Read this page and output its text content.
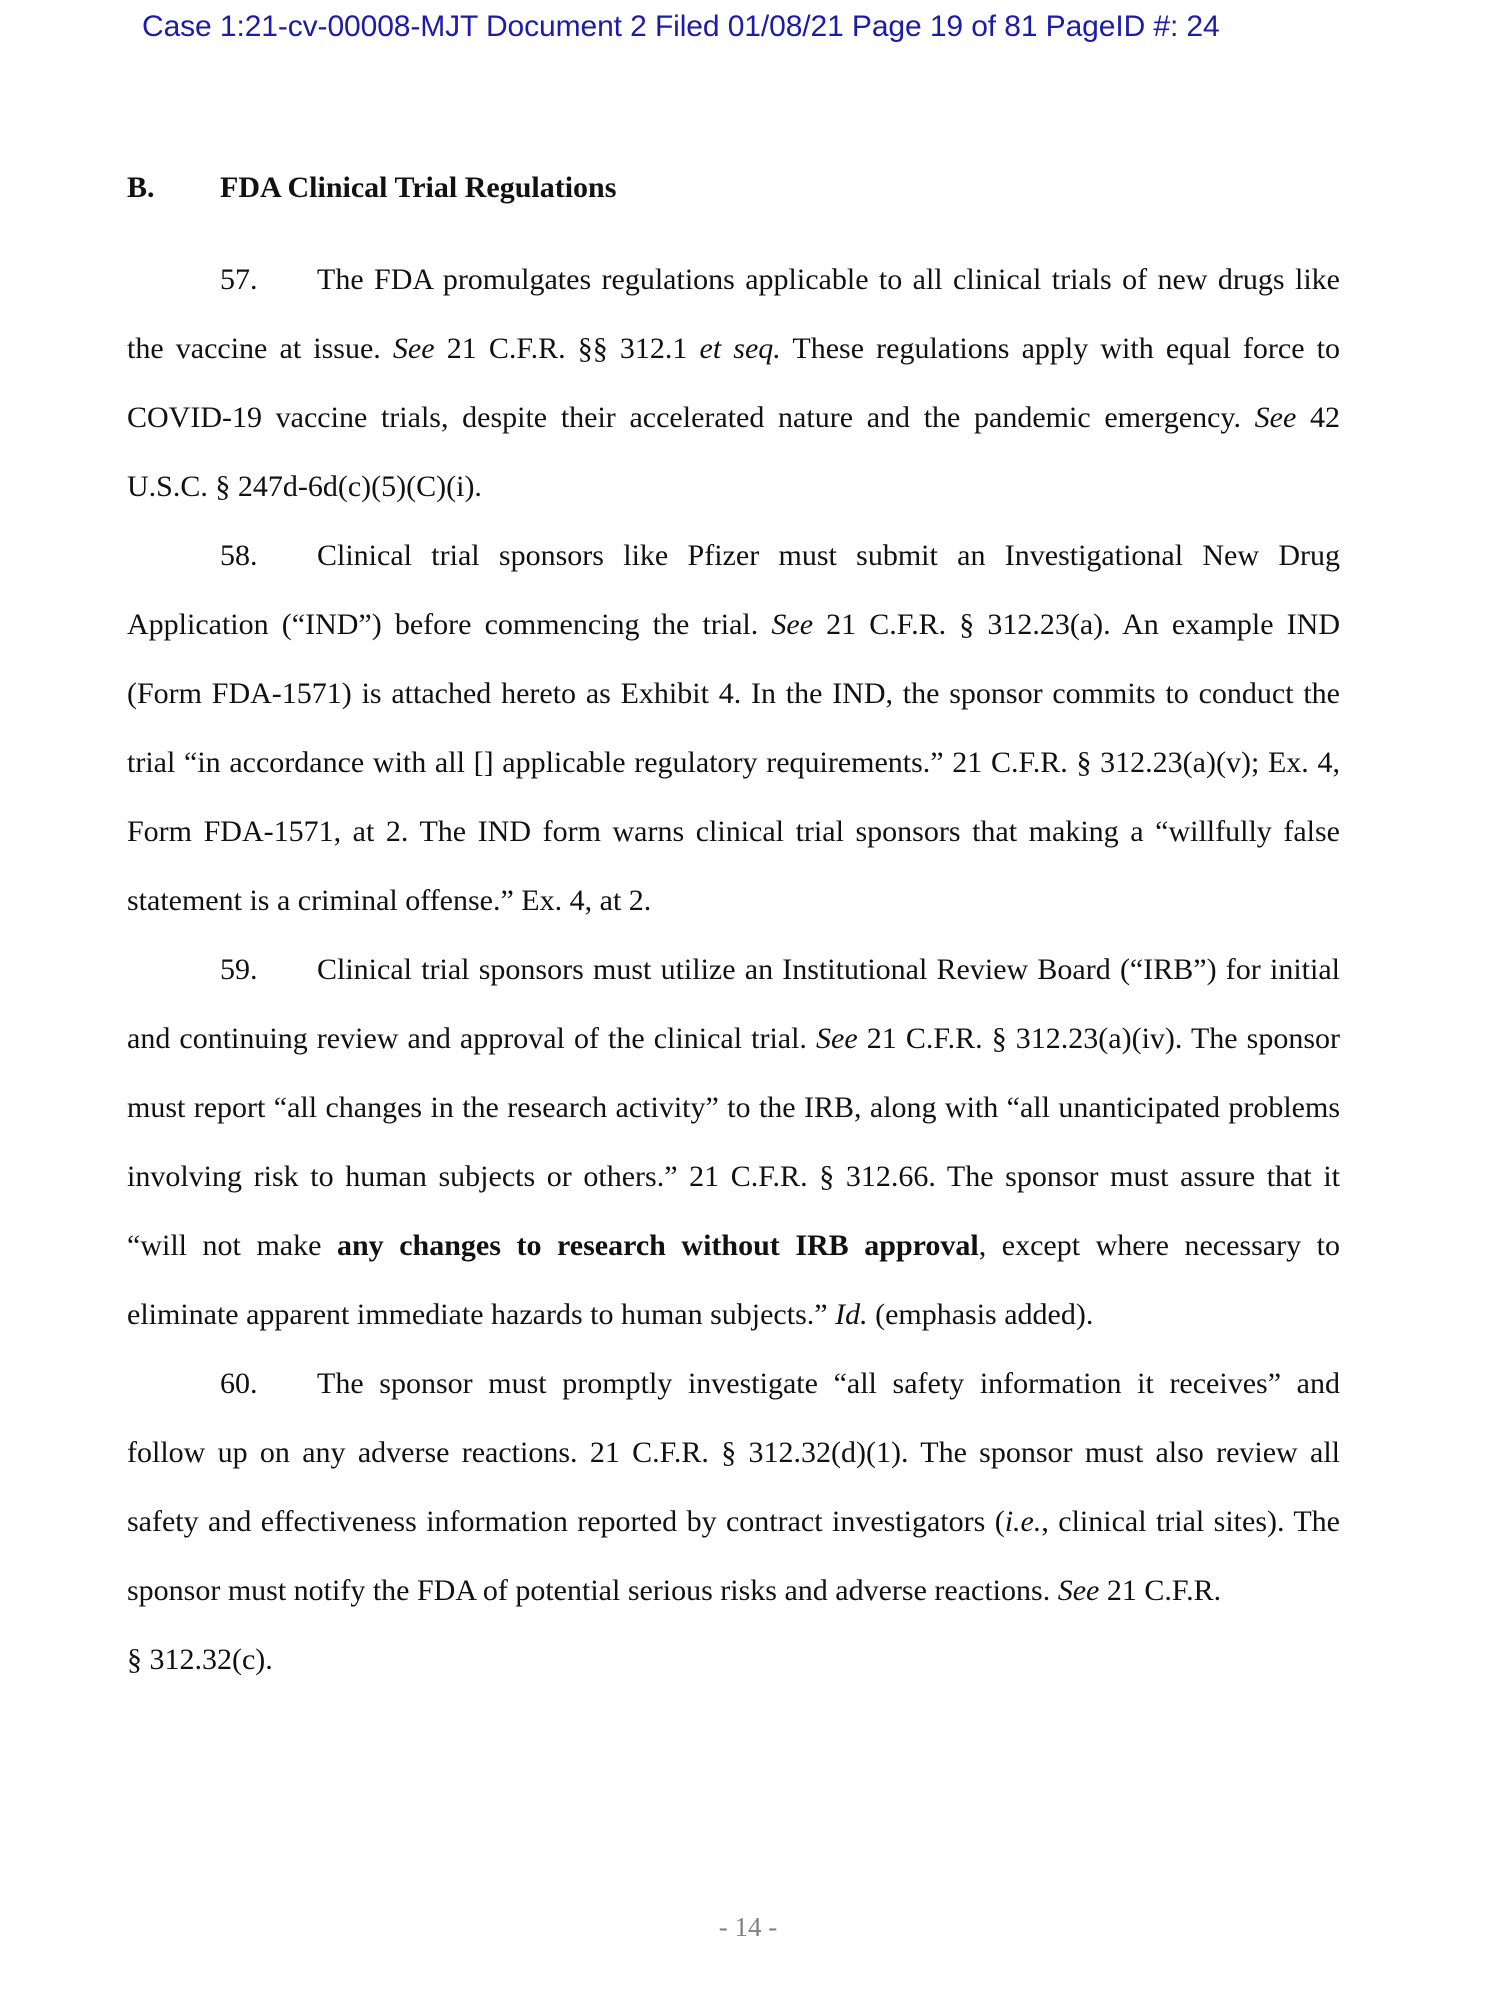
Case 1:21-cv-00008-MJT Document 2 Filed 01/08/21 Page 19 of 81 PageID #: 24
B. FDA Clinical Trial Regulations

57. The FDA promulgates regulations applicable to all clinical trials of new drugs like the vaccine at issue. See 21 C.F.R. §§ 312.1 et seq. These regulations apply with equal force to COVID-19 vaccine trials, despite their accelerated nature and the pandemic emergency. See 42 U.S.C. § 247d-6d(c)(5)(C)(i).

58. Clinical trial sponsors like Pfizer must submit an Investigational New Drug Application (“IND”) before commencing the trial. See 21 C.F.R. § 312.23(a). An example IND (Form FDA-1571) is attached hereto as Exhibit 4. In the IND, the sponsor commits to conduct the trial “in accordance with all [] applicable regulatory requirements.” 21 C.F.R. § 312.23(a)(v); Ex. 4, Form FDA-1571, at 2. The IND form warns clinical trial sponsors that making a “willfully false statement is a criminal offense.” Ex. 4, at 2.

59. Clinical trial sponsors must utilize an Institutional Review Board (“IRB”) for initial and continuing review and approval of the clinical trial. See 21 C.F.R. § 312.23(a)(iv). The sponsor must report “all changes in the research activity” to the IRB, along with “all unanticipated problems involving risk to human subjects or others.” 21 C.F.R. § 312.66. The sponsor must assure that it “will not make any changes to research without IRB approval, except where necessary to eliminate apparent immediate hazards to human subjects.” Id. (emphasis added).

60. The sponsor must promptly investigate “all safety information it receives” and follow up on any adverse reactions. 21 C.F.R. § 312.32(d)(1). The sponsor must also review all safety and effectiveness information reported by contract investigators (i.e., clinical trial sites). The sponsor must notify the FDA of potential serious risks and adverse reactions. See 21 C.F.R.
§ 312.32(c).

- 14 -
